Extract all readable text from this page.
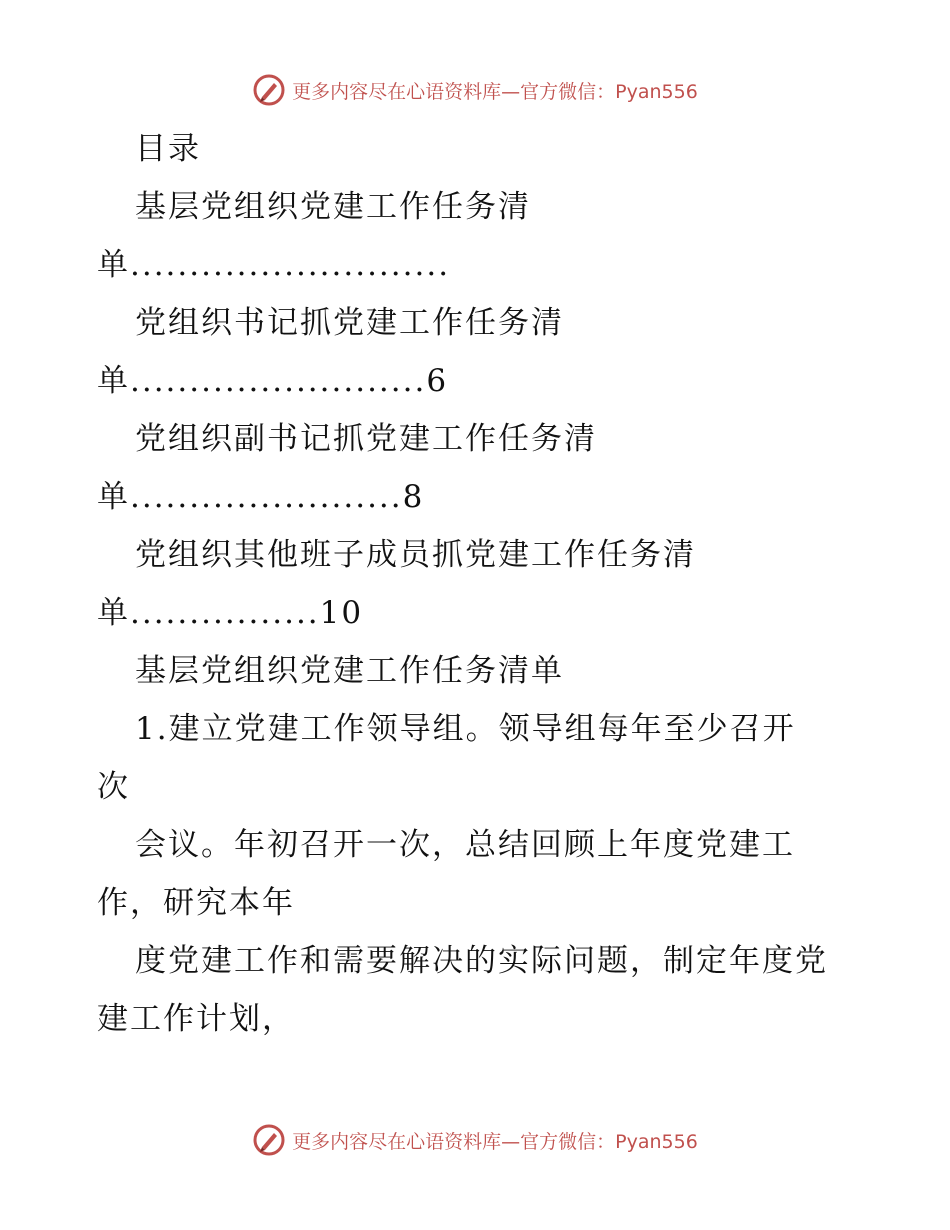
更多内容尽在心语资料库—官方微信：Pyan556
目录
基层党组织党建工作任务清
单...........................
党组织书记抓党建工作任务清
单.........................6
党组织副书记抓党建工作任务清
单.......................8
党组织其他班子成员抓党建工作任务清
单................10
基层党组织党建工作任务清单
1.建立党建工作领导组。领导组每年至少召开
次
会议。年初召开一次，总结回顾上年度党建工
作，研究本年
度党建工作和需要解决的实际问题，制定年度党
建工作计划，
更多内容尽在心语资料库—官方微信：Pyan556
